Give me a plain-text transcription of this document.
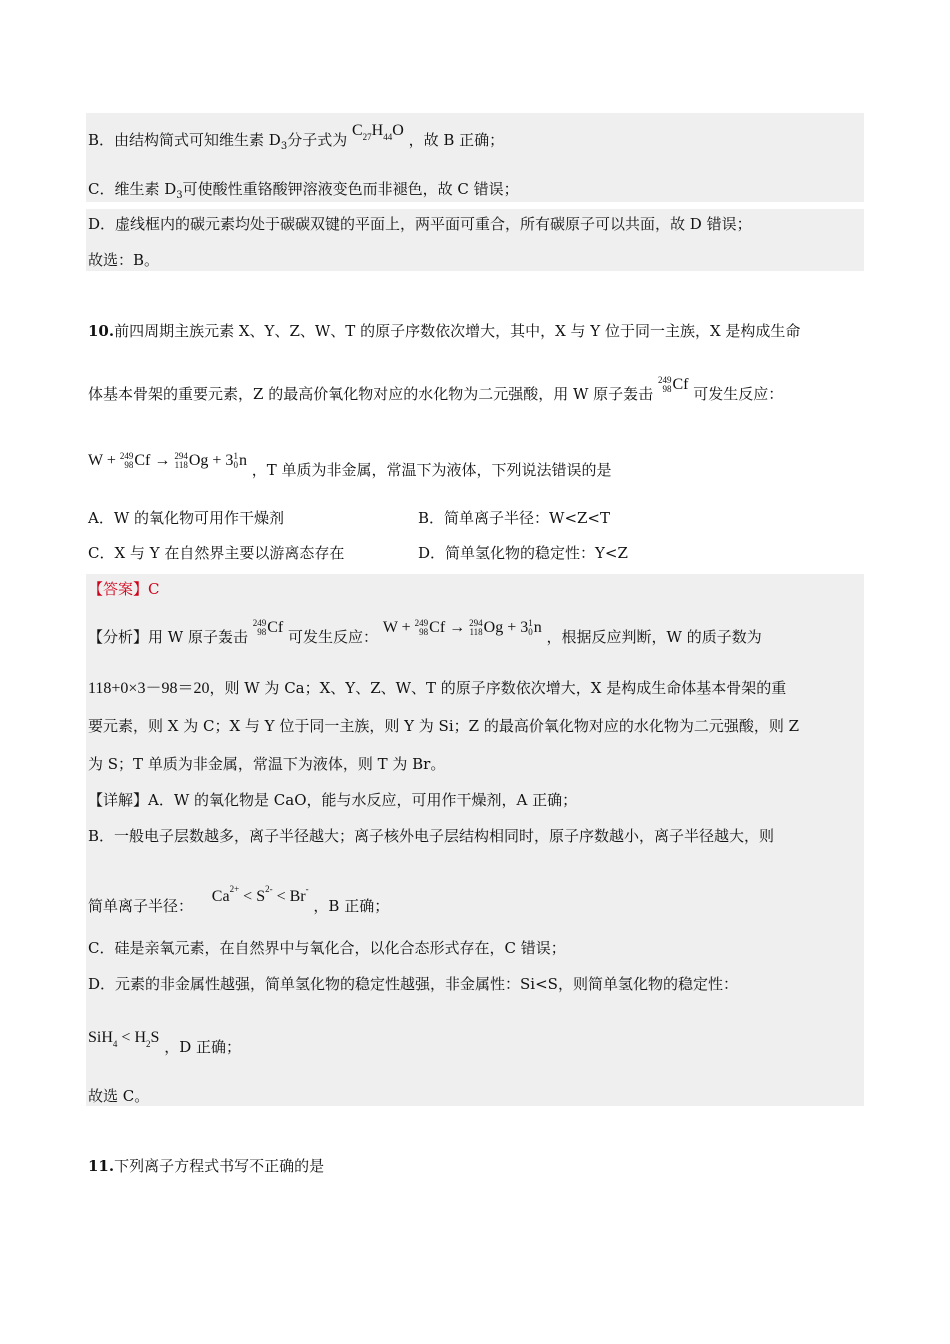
B．由结构简式可知维生素 $D_3$分子式为 $C_{27}H_{44}O$ ，故 B 正确；
C．维生素 $D_3$可使酸性重铬酸钾溶液变色而非褪色，故 C 错误；
D．虚线框内的碳元素均处于碳碳双键的平面上，两平面可重合，所有碳原子可以共面，故 D 错误；
故选：B。
10.前四周期主族元素 X、Y、Z、W、T 的原子序数依次增大，其中，X 与 Y 位于同一主族，X 是构成生命
体基本骨架的重要元素，Z 的最高价氧化物对应的水化物为二元强酸，用 W 原子轰击 249
98Cf 可发生反应：
W + 249
98Cf → 294
118Og + 31
0n ，T 单质为非金属，常温下为液体，下列说法错误的是
A．W 的氧化物可用作干燥剂	B．简单离子半径：W<Z<T
C．X 与 Y 在自然界主要以游离态存在	D．简单氢化物的稳定性：Y<Z
【答案】C
【分析】用 W 原子轰击 249
98Cf 可发生反应： W + 249
98Cf → 294
118Og + 31
0n ，根据反应判断，W 的质子数为
118+0×3－98＝20，则 W 为 Ca；X、Y、Z、W、T 的原子序数依次增大，X 是构成生命体基本骨架的重
要元素，则 X 为 C；X 与 Y 位于同一主族，则 Y 为 Si；Z 的最高价氧化物对应的水化物为二元强酸，则 Z
为 S；T 单质为非金属，常温下为液体，则 T 为 Br。
【详解】A．W 的氧化物是 CaO，能与水反应，可用作干燥剂，A 正确；
B．一般电子层数越多，离子半径越大；离子核外电子层结构相同时，原子序数越小，离子半径越大，则
简单离子半径： $Ca^{2+} < S^{2-} < Br^-$ ，B 正确；
C．硅是亲氧元素，在自然界中与氧化合，以化合态形式存在，C 错误；
D．元素的非金属性越强，简单氢化物的稳定性越强，非金属性：Si<S，则简单氢化物的稳定性：
$SiH_4 < H_2S$ ，D 正确；
故选 C。
11.下列离子方程式书写不正确的是
